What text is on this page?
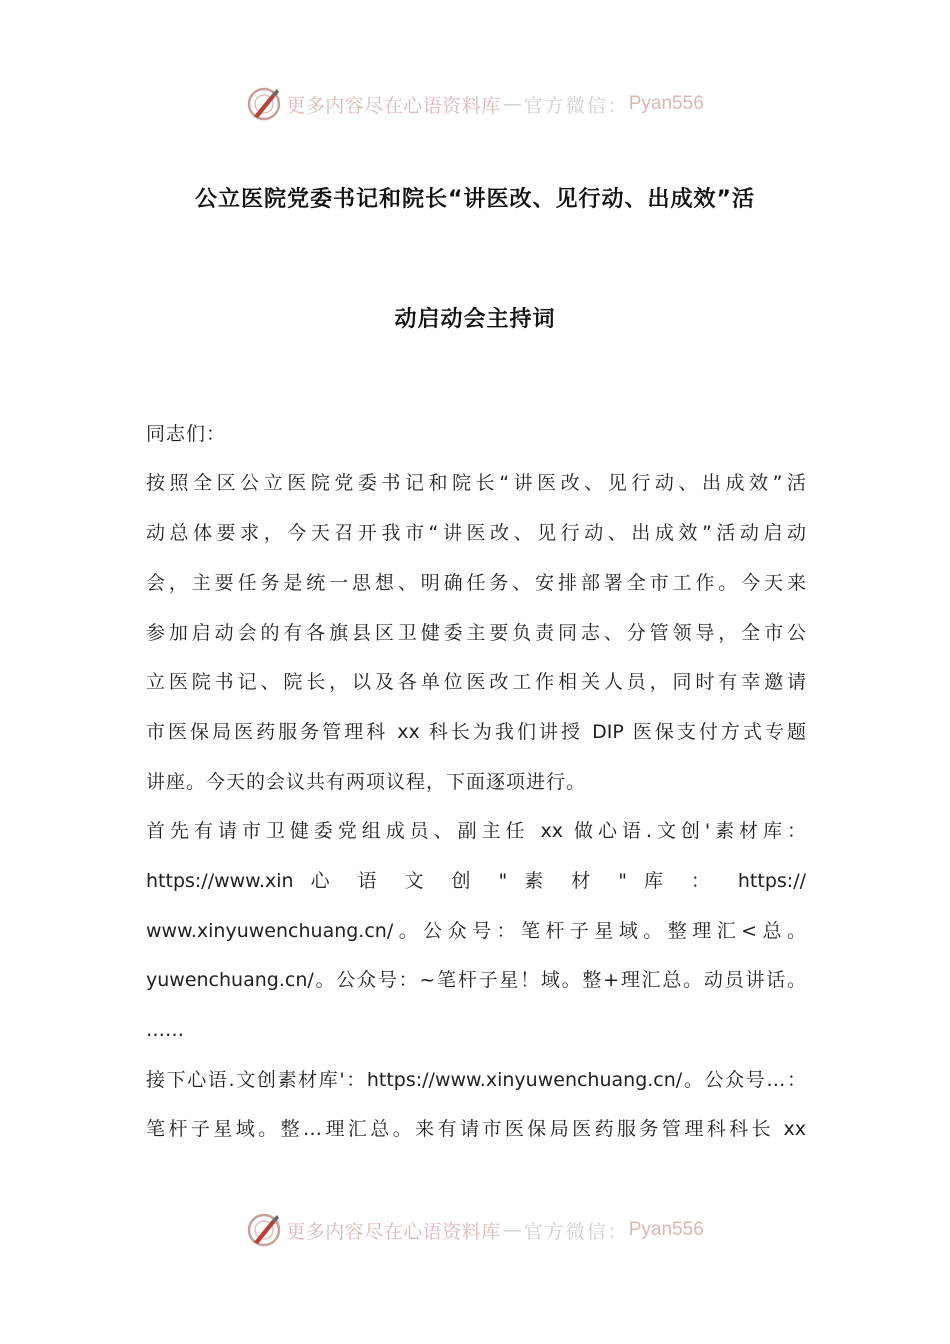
更多内容尽在心语资料库 — 官方微信： Pyan556
公立医院党委书记和院长“讲医改、见行动、出成效”活
动启动会主持词
同志们：
按照全区公立医院党委书记和院长“讲医改、见行动、出成效”活
动总体要求，今天召开我市“讲医改、见行动、出成效”活动启动
会，主要任务是统一思想、明确任务、安排部署全市工作。今天来
参加启动会的有各旗县区卫健委主要负责同志、分管领导，全市公
立医院书记、院长，以及各单位医改工作相关人员，同时有幸邀请
市医保局医药服务管理科 xx 科长为我们讲授 DIP 医保支付方式专题
讲座。今天的会议共有两项议程，下面逐项进行。
首先有请市卫健委党组成员、副主任 xx 做心语.文创'素材库：
https://www.xin 心 语 文 创 " 素 材 " 库 ： https://
www.xinyuwenchuang.cn/。公众号：笔杆子星域。整理汇<总。
yuwenchuang.cn/。公众号：~笔杆子星！域。整+理汇总。动员讲话。
……
接下心语.文创素材库'：https://www.xinyuwenchuang.cn/。公众号…：
笔杆子星域。整…理汇总。来有请市医保局医药服务管理科科长 xx
更多内容尽在心语资料库 — 官方微信： Pyan556
